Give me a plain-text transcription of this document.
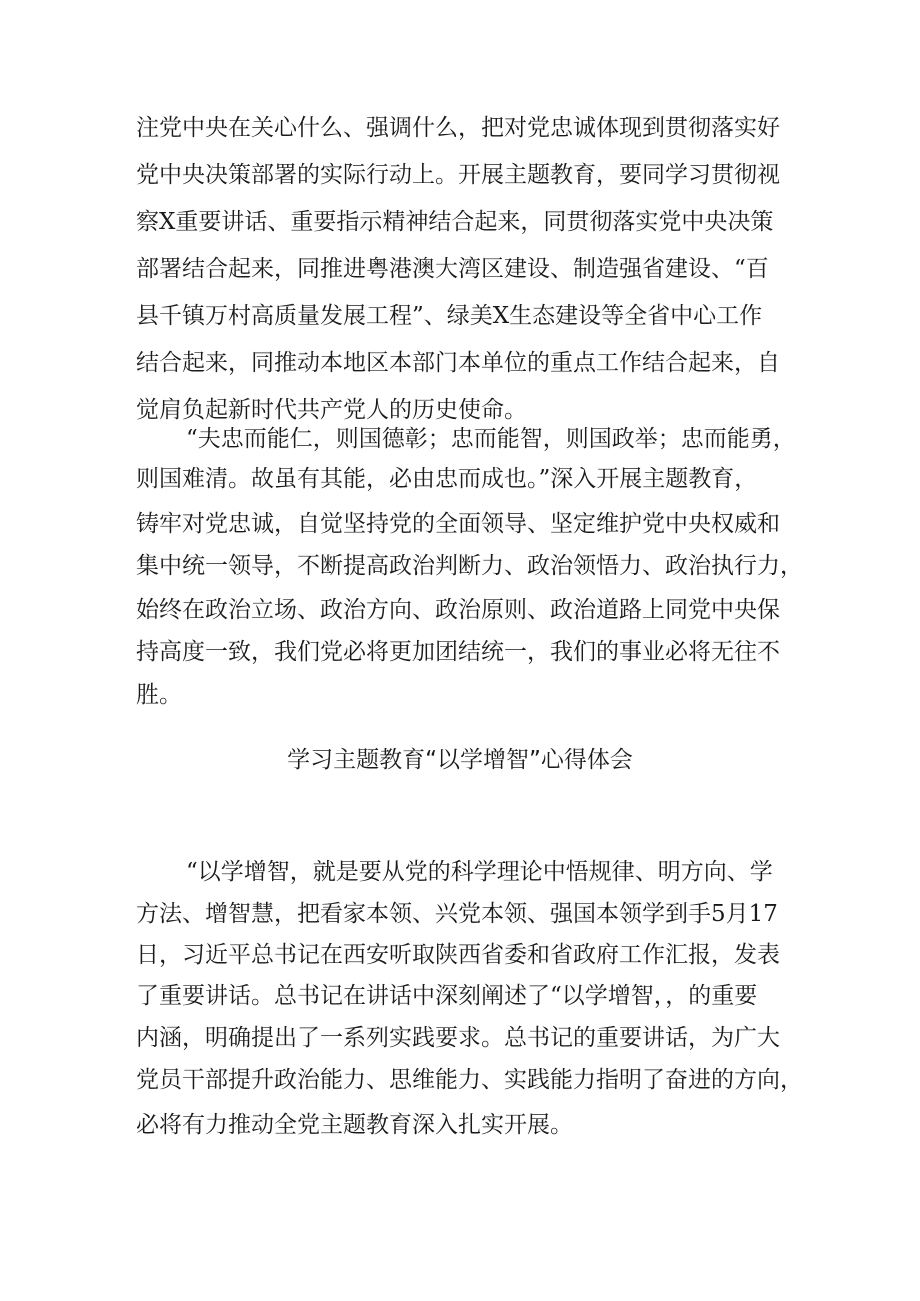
注党中央在关心什么、强调什么，把对党忠诚体现到贯彻落实好
党中央决策部署的实际行动上。开展主题教育，要同学习贯彻视
察X重要讲话、重要指示精神结合起来，同贯彻落实党中央决策
部署结合起来，同推进粤港澳大湾区建设、制造强省建设、“百
县千镇万村高质量发展工程”、绿美X生态建设等全省中心工作
结合起来，同推动本地区本部门本单位的重点工作结合起来，自
觉肩负起新时代共产党人的历史使命。
“夫忠而能仁，则国德彰；忠而能智，则国政举；忠而能勇，
则国难清。故虽有其能，必由忠而成也。”深入开展主题教育，
铸牢对党忠诚，自觉坚持党的全面领导、坚定维护党中央权威和
集中统一领导，不断提高政治判断力、政治领悟力、政治执行力，
始终在政治立场、政治方向、政治原则、政治道路上同党中央保
持高度一致，我们党必将更加团结统一，我们的事业必将无往不
胜。
学习主题教育“以学增智”心得体会
“以学增智，就是要从党的科学理论中悟规律、明方向、学
方法、增智慧，把看家本领、兴党本领、强国本领学到手5月17
日，习近平总书记在西安听取陕西省委和省政府工作汇报，发表
了重要讲话。总书记在讲话中深刻阐述了“以学增智，，的重要
内涵，明确提出了一系列实践要求。总书记的重要讲话，为广大
党员干部提升政治能力、思维能力、实践能力指明了奋进的方向，
必将有力推动全党主题教育深入扎实开展。
